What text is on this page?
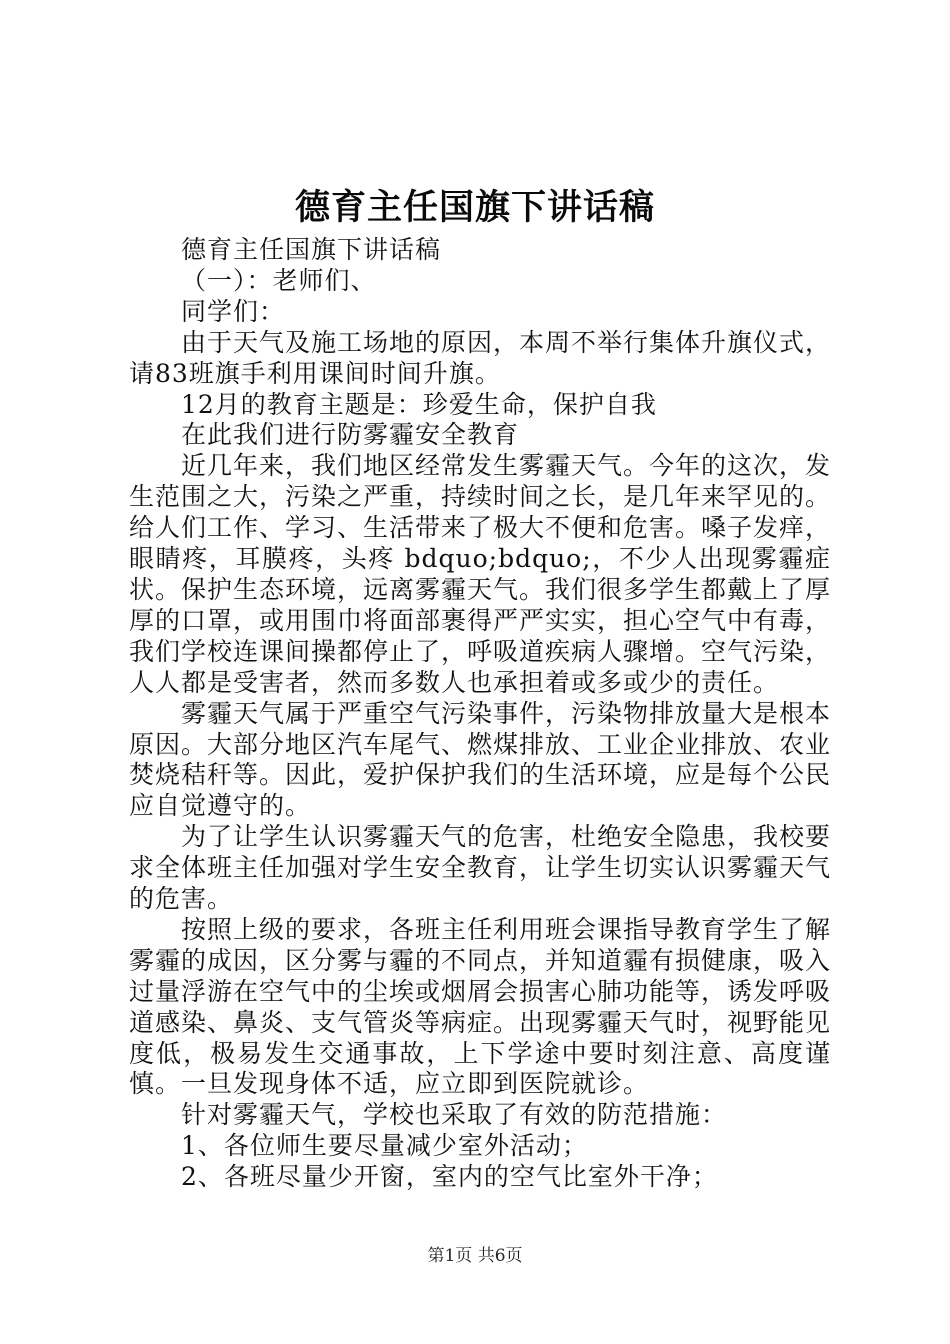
德育主任国旗下讲话稿

德育主任国旗下讲话稿

（一）：老师们、

同学们：

由于天气及施工场地的原因，本周不举行集体升旗仪式，请83班旗手利用课间时间升旗。

12月的教育主题是：珍爱生命，保护自我

在此我们进行防雾霾安全教育

近几年来，我们地区经常发生雾霾天气。今年的这次，发生范围之大，污染之严重，持续时间之长，是几年来罕见的。给人们工作、学习、生活带来了极大不便和危害。嗓子发痒，眼睛疼，耳膜疼，头疼 bdquo;bdquo;，不少人出现雾霾症状。保护生态环境，远离雾霾天气。我们很多学生都戴上了厚厚的口罩，或用围巾将面部裹得严严实实，担心空气中有毒，我们学校连课间操都停止了，呼吸道疾病人骤增。空气污染，人人都是受害者，然而多数人也承担着或多或少的责任。

雾霾天气属于严重空气污染事件，污染物排放量大是根本原因。大部分地区汽车尾气、燃煤排放、工业企业排放、农业焚烧秸秆等。因此，爱护保护我们的生活环境，应是每个公民应自觉遵守的。

为了让学生认识雾霾天气的危害，杜绝安全隐患，我校要求全体班主任加强对学生安全教育，让学生切实认识雾霾天气的危害。

按照上级的要求，各班主任利用班会课指导教育学生了解雾霾的成因，区分雾与霾的不同点，并知道霾有损健康，吸入过量浮游在空气中的尘埃或烟屑会损害心肺功能等，诱发呼吸道感染、鼻炎、支气管炎等病症。出现雾霾天气时，视野能见度低，极易发生交通事故，上下学途中要时刻注意、高度谨慎。一旦发现身体不适，应立即到医院就诊。

针对雾霾天气，学校也采取了有效的防范措施：

1、各位师生要尽量减少室外活动；

2、各班尽量少开窗，室内的空气比室外干净；

第1页 共6页
